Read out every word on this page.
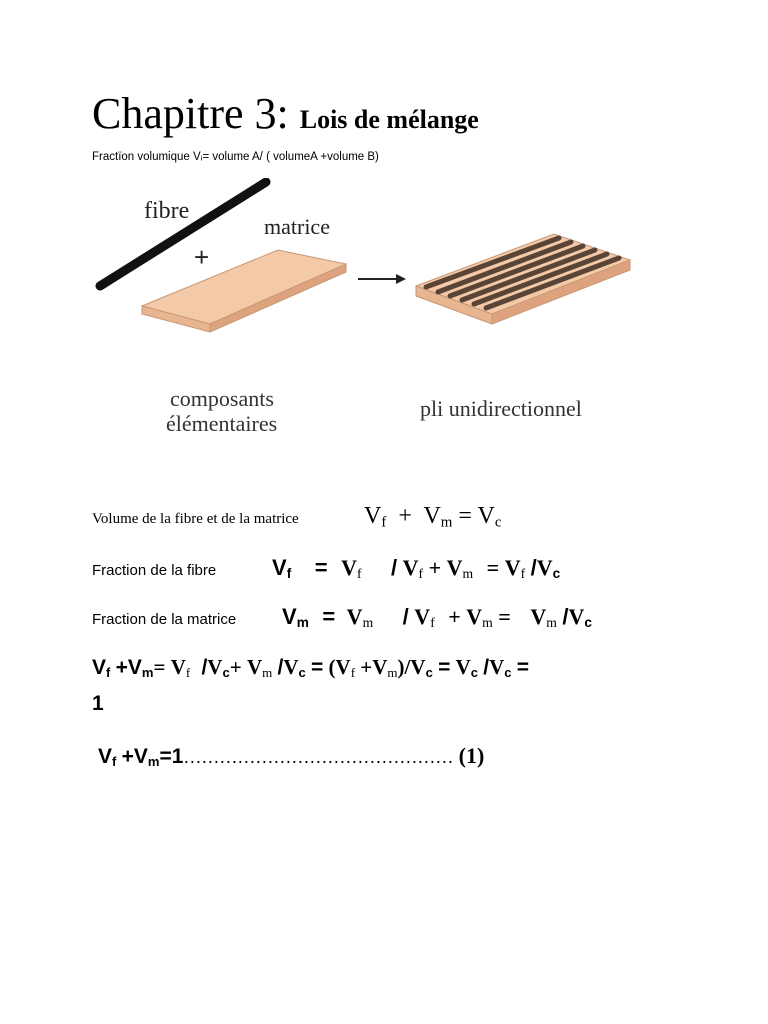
Chapitre 3: Lois de mélange
Fractïon volumique Vᵢ= volume A/ ( volumeA +volume B)
fibre
+
matrice
composants
élémentaires
pli unidirectionnel
Volume de la fibre et de la matrice	$V_f + V_m = V_c$
Fraction de la fibre	$V_f = V_f / V_f + V_m = V_f$ $/V_c$
Fraction de la matrice $V_m = V_m / V_f + V_m = V_m$ $/V_c$
$V_f +V_m= V_f$ $/V_c+ V_m$ $/V_c = (V_f +V_m)/V_c = V_c$ $/V_c$ =
1
$V_f$ $+V_m=1\dots\dots\dots\dots\dots\dots\dots\dots\dots\dots\dots\dots\dots\dots\dots$ (1)
